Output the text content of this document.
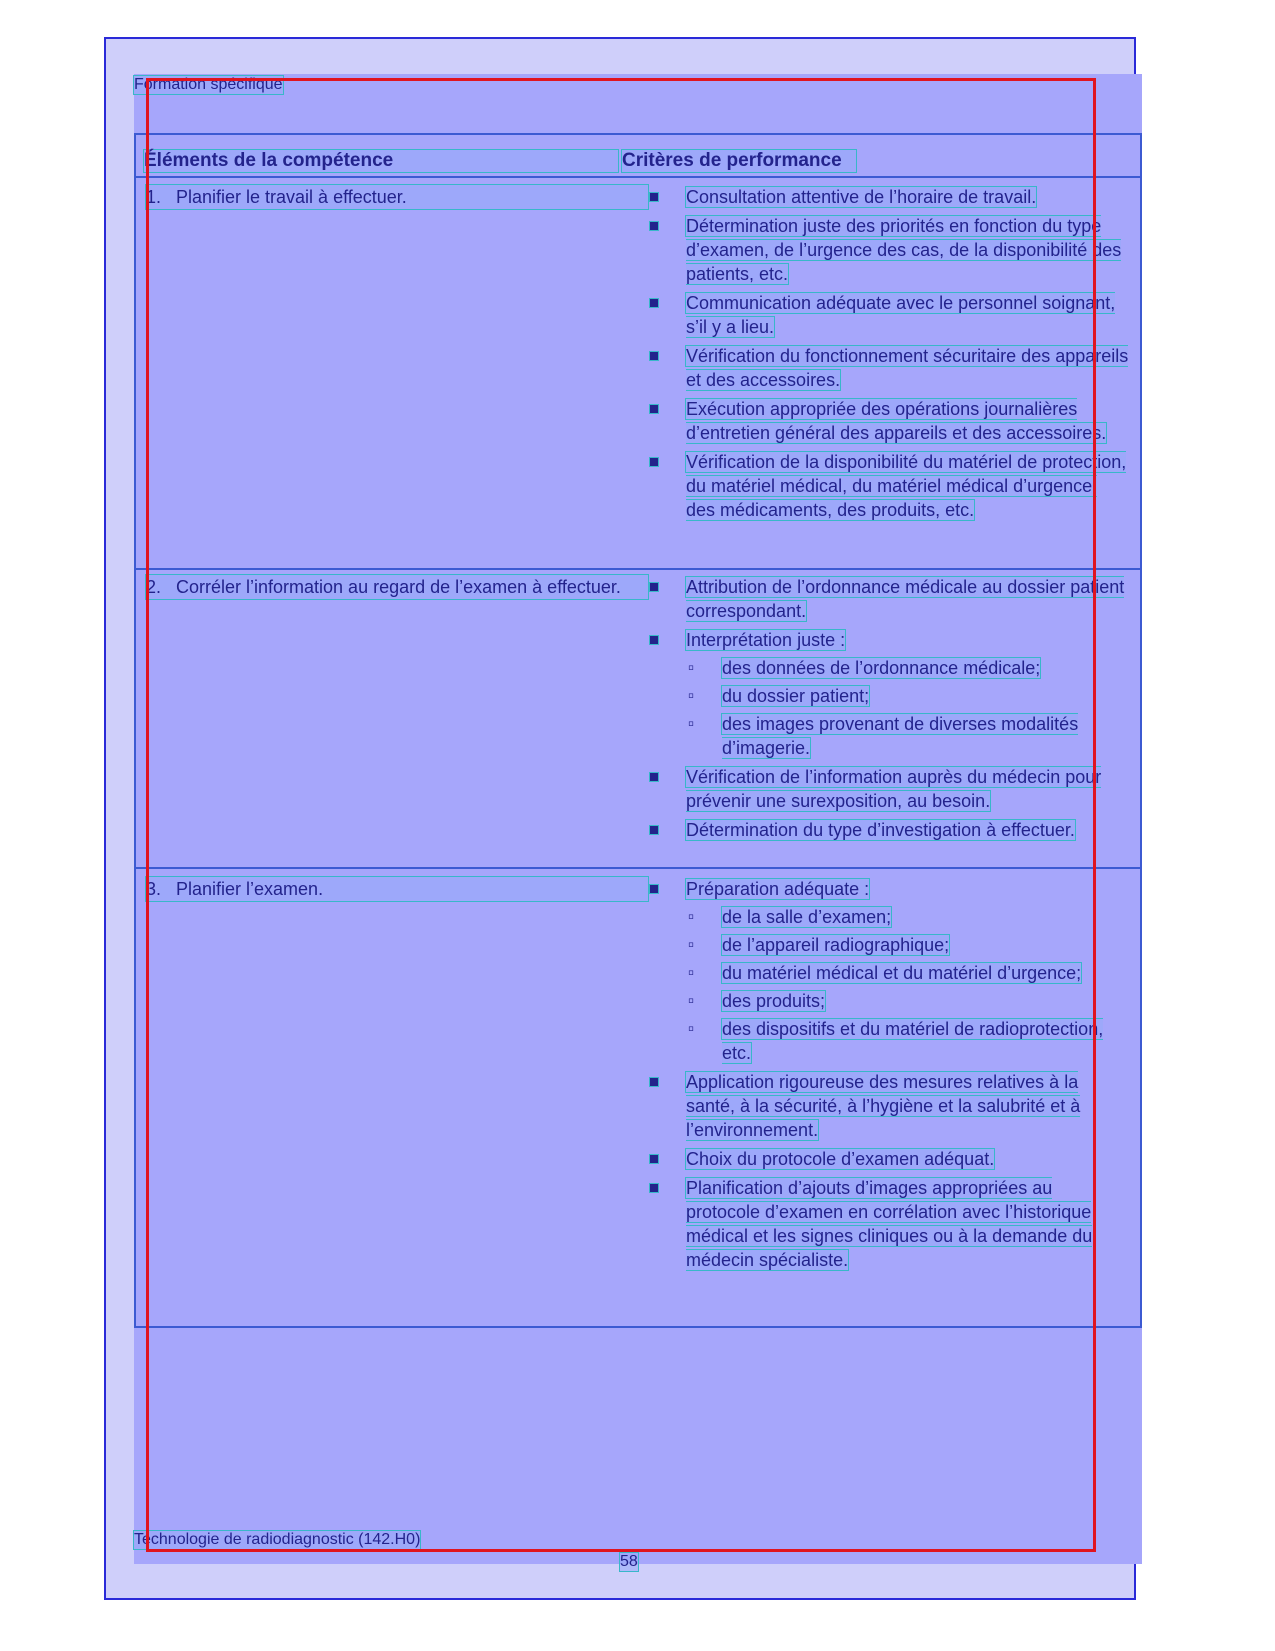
Formation spécifique
Éléments de la compétence	Critères de performance
1. Planifier le travail à effectuer.	Consultation attentive de l’horaire de travail.
Détermination juste des priorités en fonction du type d’examen, de l’urgence des cas, de la disponibilité des patients, etc.
Communication adéquate avec le personnel soignant, s’il y a lieu.
Vérification du fonctionnement sécuritaire des appareils et des accessoires.
Exécution appropriée des opérations journalières d’entretien général des appareils et des accessoires.
Vérification de la disponibilité du matériel de protection, du matériel médical, du matériel médical d’urgence, des médicaments, des produits, etc.
2. Corréler l’information au regard de l’examen à effectuer.	Attribution de l’ordonnance médicale au dossier patient correspondant.
Interprétation juste :
▫ des données de l’ordonnance médicale;
▫ du dossier patient;
▫ des images provenant de diverses modalités d’imagerie.
Vérification de l’information auprès du médecin pour prévenir une surexposition, au besoin.
Détermination du type d’investigation à effectuer.
3. Planifier l’examen.	Préparation adéquate :
▫ de la salle d’examen;
▫ de l’appareil radiographique;
▫ du matériel médical et du matériel d’urgence;
▫ des produits;
▫ des dispositifs et du matériel de radioprotection, etc.
Application rigoureuse des mesures relatives à la santé, à la sécurité, à l’hygiène et la salubrité et à l’environnement.
Choix du protocole d’examen adéquat.
Planification d’ajouts d’images appropriées au protocole d’examen en corrélation avec l’historique médical et les signes cliniques ou à la demande du médecin spécialiste.
Technologie de radiodiagnostic (142.H0)
58
